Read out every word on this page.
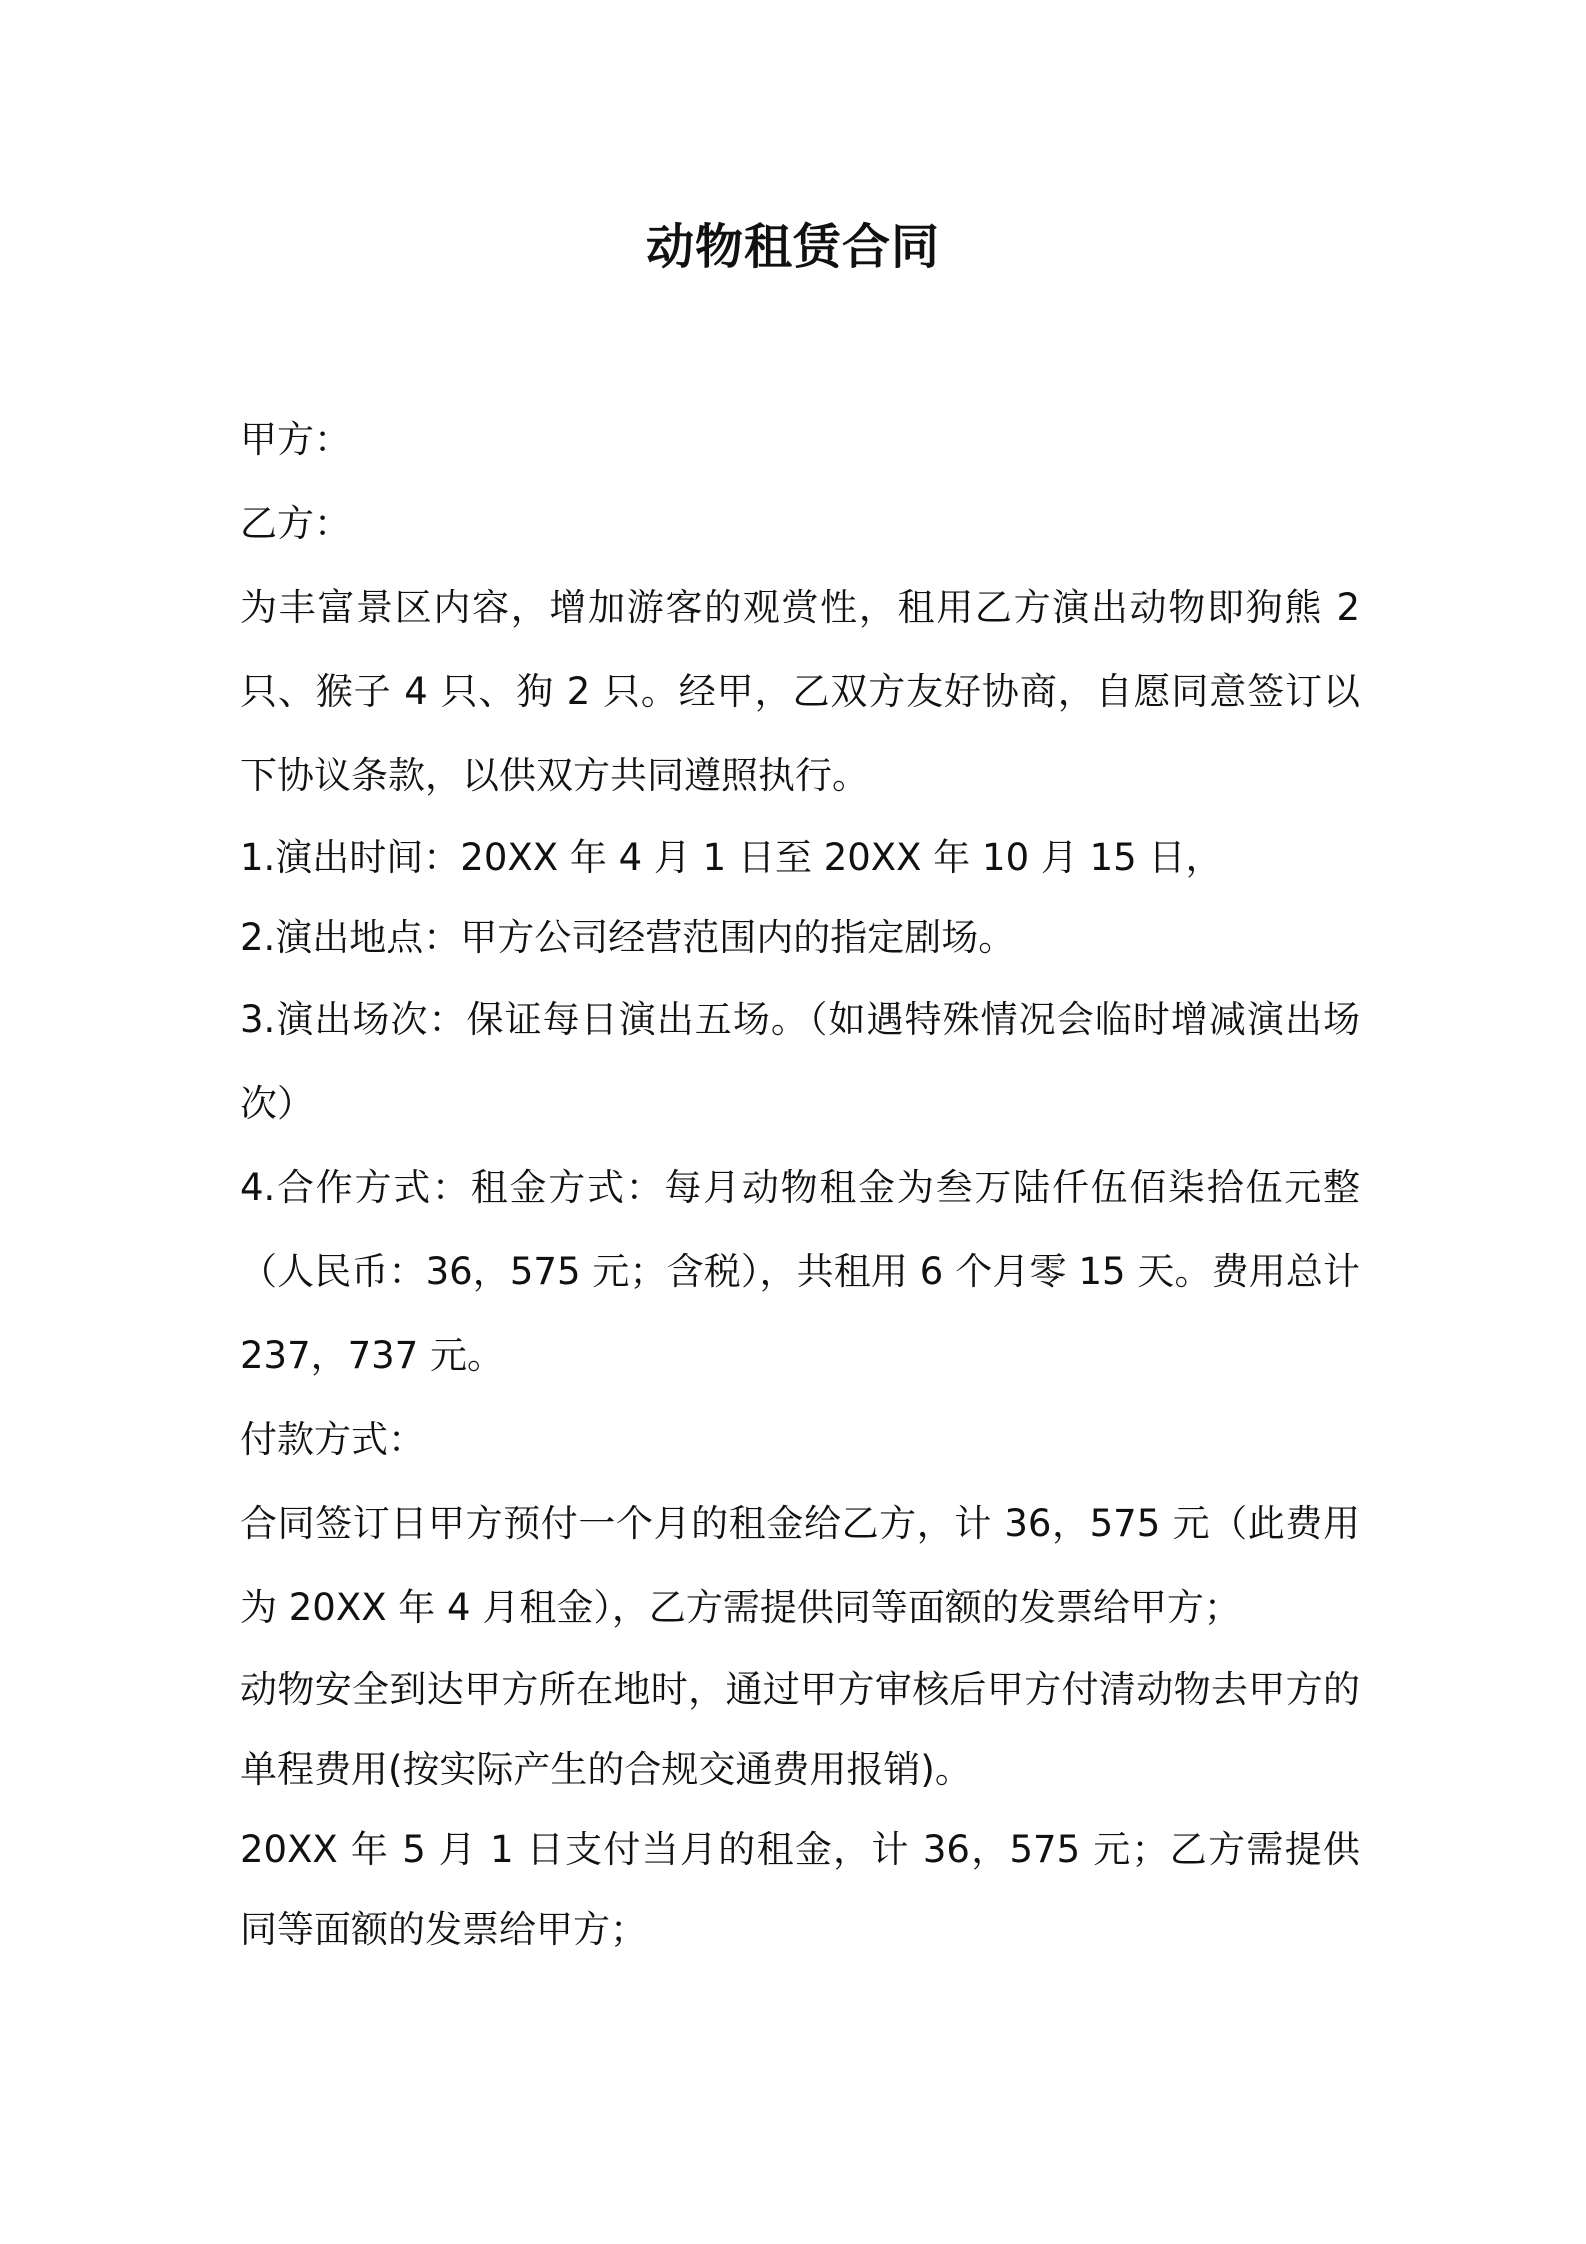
动物租赁合同

甲方：

乙方：

为丰富景区内容，增加游客的观赏性，租用乙方演出动物即狗熊 2 只、猴子 4 只、狗 2 只。经甲，乙双方友好协商，自愿同意签订以下协议条款，以供双方共同遵照执行。

1.演出时间：20XX 年 4 月 1 日至 20XX 年 10 月 15 日，

2.演出地点：甲方公司经营范围内的指定剧场。

3.演出场次：保证每日演出五场。（如遇特殊情况会临时增减演出场次）

4.合作方式：租金方式：每月动物租金为叁万陆仟伍佰柒拾伍元整（人民币：36，575 元；含税），共租用 6 个月零 15 天。费用总计 237，737 元。

付款方式：

合同签订日甲方预付一个月的租金给乙方，计 36，575 元（此费用为 20XX 年 4 月租金），乙方需提供同等面额的发票给甲方；

动物安全到达甲方所在地时，通过甲方审核后甲方付清动物去甲方的单程费用(按实际产生的合规交通费用报销)。

20XX 年 5 月 1 日支付当月的租金，计 36，575 元；乙方需提供同等面额的发票给甲方；
